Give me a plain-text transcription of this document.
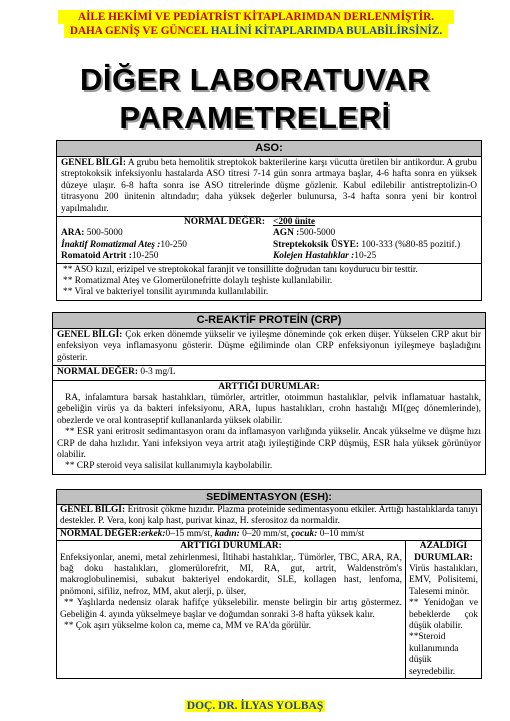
AİLE HEKİMİ VE PEDİATRİST KİTAPLARIMDAN DERLENMİŞTİR.
DAHA GENİŞ VE GÜNCEL HALİNİ KİTAPLARIMDA BULABİLİRSİNİZ.
DİĞER LABORATUVAR
PARAMETRELERİ
ASO:
GENEL BİLGİ: A grubu beta hemolitik streptokok bakterilerine karşı vücutta üretilen bir antikordur. A grubu streptokoksik infeksiyonlu hastalarda ASO titresi 7-14 gün sonra artmaya başlar, 4-6 hafta sonra en yüksek düzeye ulaşır. 6-8 hafta sonra ise ASO titrelerinde düşme gözlenir. Kabul edilebilir antistreptolizin-O titrasyonu 200 ünitenin altındadır; daha yüksek değerler bulunursa, 3-4 hafta sonra yeni bir kontrol yapılmalıdır.
NORMAL DEĞER: <200 ünite
ARA: 500-5000	AGN :500-5000
İnaktif Romatizmal Ateş :10-250	Streptekoksik ÜSYE: 100-333 (%80-85 pozitif.)
Romatoid Artrit :10-250	Kolejen Hastalıklar :10-25
** ASO kızıl, erizipel ve streptokokal faranjit ve tonsillitte doğrudan tanı koydurucu bir testtir.
** Romatizmal Ateş ve Glomerülonefritte dolaylı teşhiste kullanılabilir.
** Viral ve bakteriyel tonsilit ayırımında kullanılabilir.
C-REAKTİF PROTEİN (CRP)
GENEL BİLGİ: Çok erken dönemde yükselir ve iyileşme döneminde çok erken düşer. Yükselen CRP akut bir enfeksiyon veya inflamasyonu gösterir. Düşme eğiliminde olan CRP enfeksiyonun iyileşmeye başladığını gösterir.
NORMAL DEĞER: 0-3 mg/L
ARTTIĞI DURUMLAR:
RA, infalamtura barsak hastalıkları, tümörler, artritler, otoimmun hastalıklar, pelvik inflamatuar hastalık, gebeliğin virüs ya da bakteri infeksiyonu, ARA, lupus hastalıkları, crohn hastalığı MI(geç dönemlerinde), obezlerde ve oral kontraseptif kullananlarda yüksek olabilir.
** ESR yani eritrosit sedimantasyon oranı da inflamasyon varlığında yükselir. Ancak yükselme ve düşme hızı CRP de daha hızlıdır. Yani infeksiyon veya artrit atağı iyileştiğinde CRP düşmüş, ESR hala yüksek görünüyor olabilir.
** CRP steroid veya salisilat kullanımıyla kaybolabilir.
SEDİMENTASYON (ESH):
GENEL BİLGİ: Eritrosit çökme hızıdır. Plazma proteinide sedimentasyonu etkiler. Arttığı hastalıklarda tanıyı destekler. P. Vera, konj kalp hast, purivat kinaz, H. sferositoz da normaldir.
NORMAL DEĞER:erkek:0–15 mm/st, kadın: 0–20 mm/st, çocuk: 0–10 mm/st
ARTTIĞI DURUMLAR:
Enfeksiyonlar, anemi, metal zehirlenmesi, İltihabi hastalıklar,. Tümörler, TBC, ARA, RA, bağ doku hastalıkları, glomerülorefrit, MI, RA, gut, artrit, Waldenström's makroglobulinemisi, subakut bakteriyel endokardit, SLE, kollagen hast, lenfoma, pnömoni, sifiliz, nefroz, MM, akut alerji, p. ülser,
** Yaşlılarda nedensiz olarak hafifçe yükselebilir. menste belirgin bir artış göstermez. Gebeliğin 4. ayında yükselmeye başlar ve doğumdan sonraki 3-8 hafta yüksek kalır.
** Çok aşırı yükselme kolon ca, meme ca, MM ve RA'da görülür.
AZALDIĞI DURUMLAR:
Virüs hastalıkları, EMV, Polisitemi, Talesemi minör.
** Yenidoğan ve bebeklerde çok düşük olabilir.
**Steroid kullanımında düşük seyredebilir.
DOÇ. DR. İLYAS YOLBAŞ
